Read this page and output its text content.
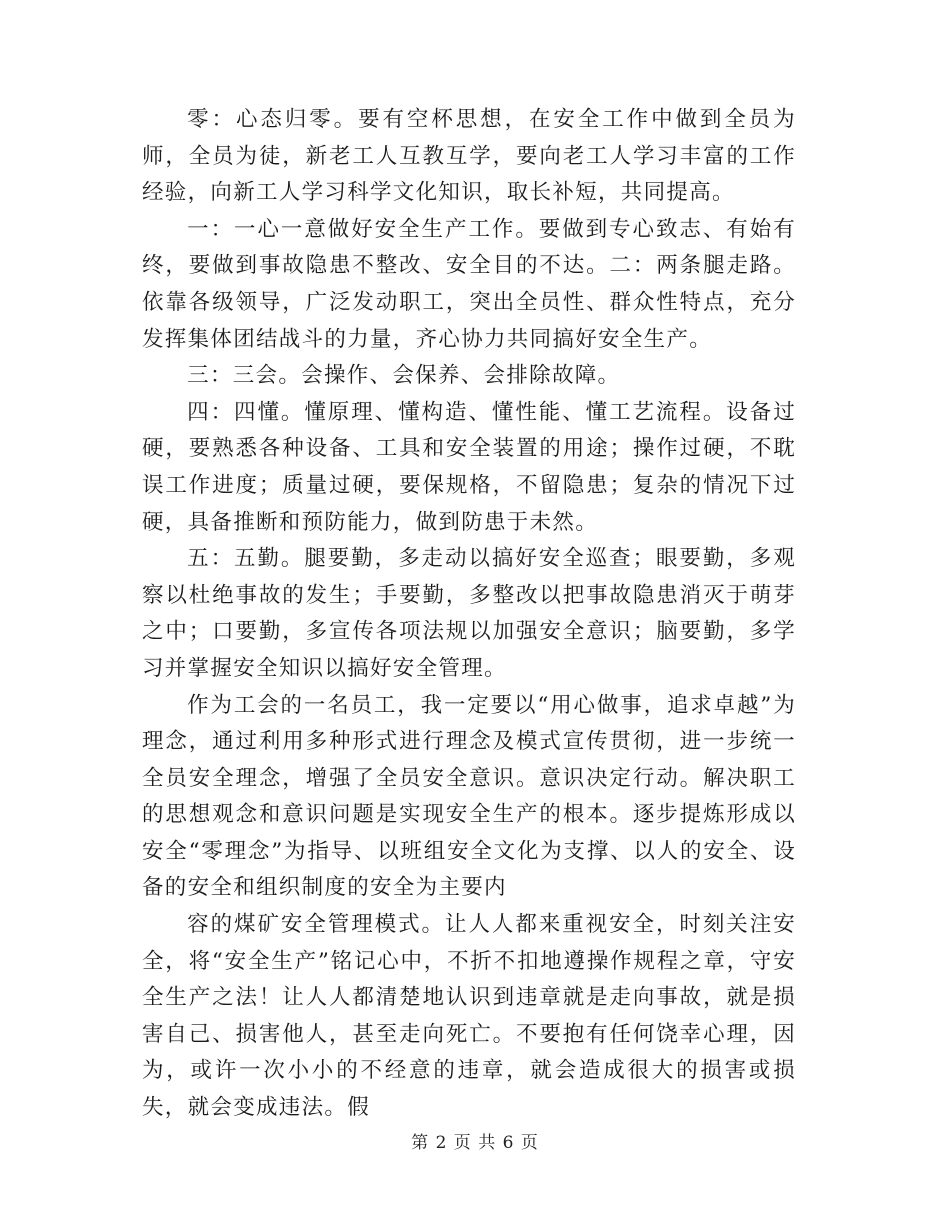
零：心态归零。要有空杯思想，在安全工作中做到全员为师，全员为徒，新老工人互教互学，要向老工人学习丰富的工作经验，向新工人学习科学文化知识，取长补短，共同提高。

一：一心一意做好安全生产工作。要做到专心致志、有始有终，要做到事故隐患不整改、安全目的不达。二：两条腿走路。依靠各级领导，广泛发动职工，突出全员性、群众性特点，充分发挥集体团结战斗的力量，齐心协力共同搞好安全生产。

三：三会。会操作、会保养、会排除故障。

四：四懂。懂原理、懂构造、懂性能、懂工艺流程。设备过硬，要熟悉各种设备、工具和安全装置的用途；操作过硬，不耽误工作进度；质量过硬，要保规格，不留隐患；复杂的情况下过硬，具备推断和预防能力，做到防患于未然。

五：五勤。腿要勤，多走动以搞好安全巡查；眼要勤，多观察以杜绝事故的发生；手要勤，多整改以把事故隐患消灭于萌芽之中；口要勤，多宣传各项法规以加强安全意识；脑要勤，多学习并掌握安全知识以搞好安全管理。

作为工会的一名员工，我一定要以“用心做事，追求卓越”为理念，通过利用多种形式进行理念及模式宣传贯彻，进一步统一全员安全理念，增强了全员安全意识。意识决定行动。解决职工的思想观念和意识问题是实现安全生产的根本。逐步提炼形成以安全“零理念”为指导、以班组安全文化为支撑、以人的安全、设备的安全和组织制度的安全为主要内

容的煤矿安全管理模式。让人人都来重视安全，时刻关注安全，将“安全生产”铭记心中，不折不扣地遵操作规程之章，守安全生产之法！让人人都清楚地认识到违章就是走向事故，就是损害自己、损害他人，甚至走向死亡。不要抱有任何饶幸心理，因为，或许一次小小的不经意的违章，就会造成很大的损害或损失，就会变成违法。假

第 2 页 共 6 页
